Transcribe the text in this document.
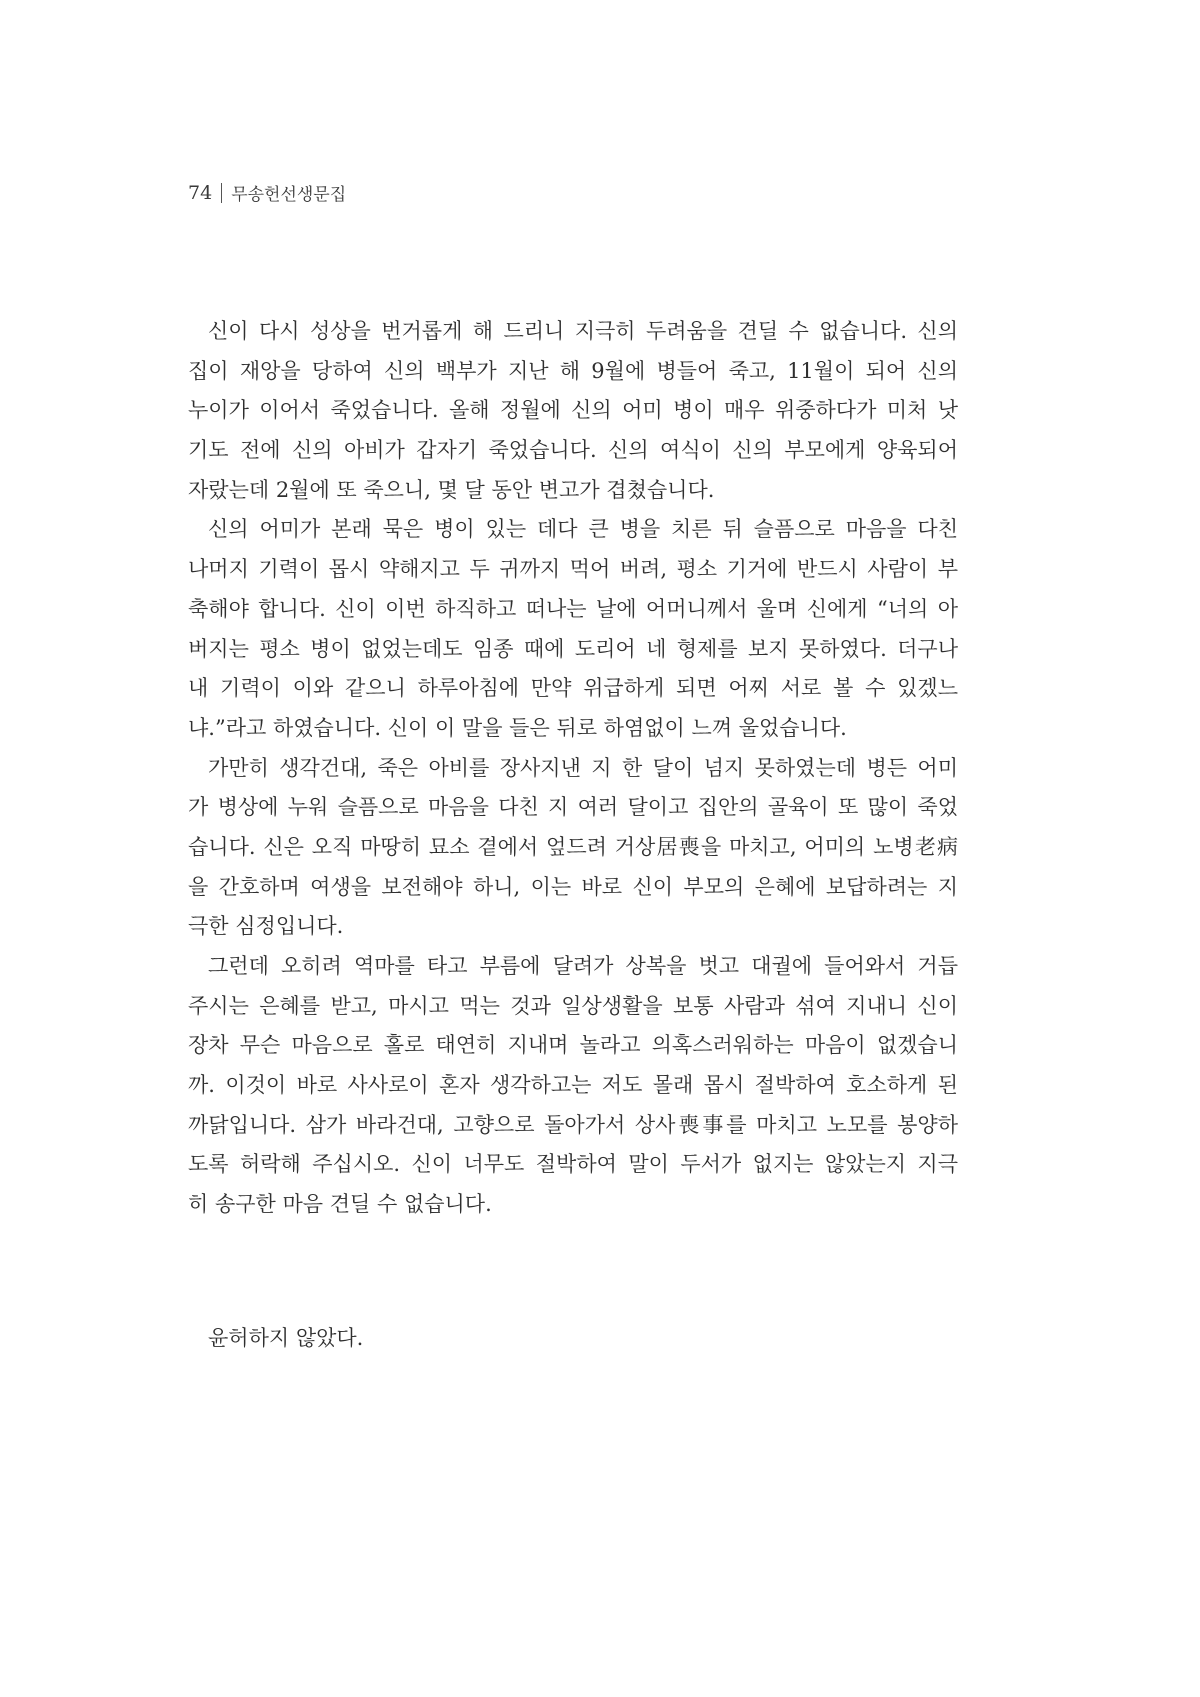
74 무송헌선생문집
신이 다시 성상을 번거롭게 해 드리니 지극히 두려움을 견딜 수 없습니다. 신의
집이 재앙을 당하여 신의 백부가 지난 해 9월에 병들어 죽고, 11월이 되어 신의
누이가 이어서 죽었습니다. 올해 정월에 신의 어미 병이 매우 위중하다가 미처 낫
기도 전에 신의 아비가 갑자기 죽었습니다. 신의 여식이 신의 부모에게 양육되어
자랐는데 2월에 또 죽으니, 몇 달 동안 변고가 겹쳤습니다.
신의 어미가 본래 묵은 병이 있는 데다 큰 병을 치른 뒤 슬픔으로 마음을 다친
나머지 기력이 몹시 약해지고 두 귀까지 먹어 버려, 평소 기거에 반드시 사람이 부
축해야 합니다. 신이 이번 하직하고 떠나는 날에 어머니께서 울며 신에게 “너의 아
버지는 평소 병이 없었는데도 임종 때에 도리어 네 형제를 보지 못하였다. 더구나
내 기력이 이와 같으니 하루아침에 만약 위급하게 되면 어찌 서로 볼 수 있겠느
냐.”라고 하였습니다. 신이 이 말을 들은 뒤로 하염없이 느껴 울었습니다.
가만히 생각건대, 죽은 아비를 장사지낸 지 한 달이 넘지 못하였는데 병든 어미
가 병상에 누워 슬픔으로 마음을 다친 지 여러 달이고 집안의 골육이 또 많이 죽었
습니다. 신은 오직 마땅히 묘소 곁에서 엎드려 거상居喪을 마치고, 어미의 노병老病
을 간호하며 여생을 보전해야 하니, 이는 바로 신이 부모의 은혜에 보답하려는 지
극한 심정입니다.
그런데 오히려 역마를 타고 부름에 달려가 상복을 벗고 대궐에 들어와서 거듭
주시는 은혜를 받고, 마시고 먹는 것과 일상생활을 보통 사람과 섞여 지내니 신이
장차 무슨 마음으로 홀로 태연히 지내며 놀라고 의혹스러워하는 마음이 없겠습니
까. 이것이 바로 사사로이 혼자 생각하고는 저도 몰래 몹시 절박하여 호소하게 된
까닭입니다. 삼가 바라건대, 고향으로 돌아가서 상사喪事를 마치고 노모를 봉양하
도록 허락해 주십시오. 신이 너무도 절박하여 말이 두서가 없지는 않았는지 지극
히 송구한 마음 견딜 수 없습니다.
윤허하지 않았다.
